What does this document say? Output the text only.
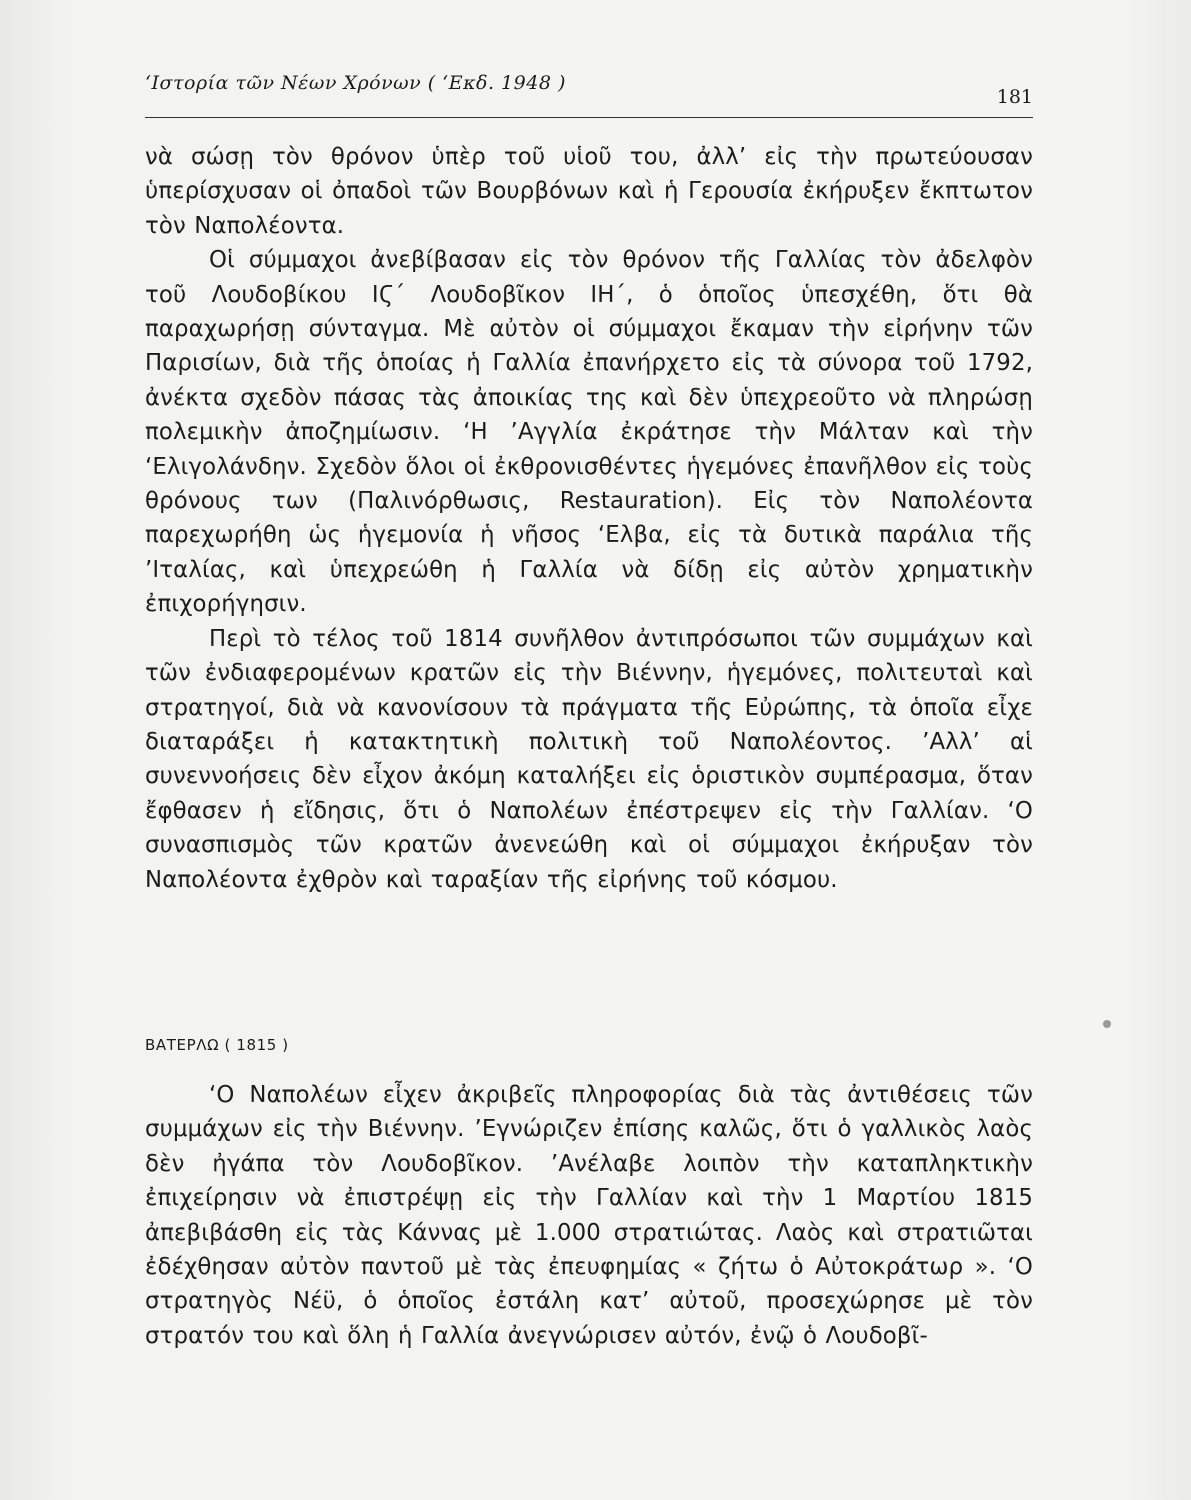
‘Ιστορία τῶν Νέων Χρόνων ( ‘Εκδ. 1948 )
181

νὰ σώσῃ τὸν θρόνον ὑπὲρ τοῦ υἱοῦ του, ἀλλ’ εἰς τὴν πρωτεύουσαν ὑπερίσχυσαν οἱ ὀπαδοὶ τῶν Βουρβόνων καὶ ἡ Γερουσία ἐκήρυξεν ἔκπτωτον τὸν Ναπολέοντα.

Οἱ σύμμαχοι ἀνεβίβασαν εἰς τὸν θρόνον τῆς Γαλλίας τὸν ἀδελφὸν τοῦ Λουδοβίκου ΙϚ΄ Λουδοβῖκον ΙΗ΄, ὁ ὁποῖος ὑπεσχέθη, ὅτι θὰ παραχωρήσῃ σύνταγμα. Μὲ αὐτὸν οἱ σύμμαχοι ἔκαμαν τὴν εἰρήνην τῶν Παρισίων, διὰ τῆς ὁποίας ἡ Γαλλία ἐπανήρχετο εἰς τὰ σύνορα τοῦ 1792, ἀνέκτα σχεδὸν πάσας τὰς ἀποικίας της καὶ δὲν ὑπεχρεοῦτο νὰ πληρώσῃ πολεμικὴν ἀποζημίωσιν. ‘Η ’Αγγλία ἐκράτησε τὴν Μάλταν καὶ τὴν ‘Ελιγολάνδην. Σχεδὸν ὅλοι οἱ ἐκθρονισθέντες ἡγεμόνες ἐπανῆλθον εἰς τοὺς θρόνους των (Παλινόρθωσις, Restauration). Εἰς τὸν Ναπολέοντα παρεχωρήθη ὡς ἡγεμονία ἡ νῆσος ‘Ελβα, εἰς τὰ δυτικὰ παράλια τῆς ’Ιταλίας, καὶ ὑπεχρεώθη ἡ Γαλλία νὰ δίδῃ εἰς αὐτὸν χρηματικὴν ἐπιχορήγησιν.

Περὶ τὸ τέλος τοῦ 1814 συνῆλθον ἀντιπρόσωποι τῶν συμμάχων καὶ τῶν ἐνδιαφερομένων κρατῶν εἰς τὴν Βιέννην, ἡγεμόνες, πολιτευταὶ καὶ στρατηγοί, διὰ νὰ κανονίσουν τὰ πράγματα τῆς Εὐρώπης, τὰ ὁποῖα εἶχε διαταράξει ἡ κατακτητικὴ πολιτικὴ τοῦ Ναπολέοντος. ’Αλλ’ αἱ συνεννοήσεις δὲν εἶχον ἀκόμη καταλήξει εἰς ὁριστικὸν συμπέρασμα, ὅταν ἔφθασεν ἡ εἴδησις, ὅτι ὁ Ναπολέων ἐπέστρεψεν εἰς τὴν Γαλλίαν. ‘Ο συνασπισμὸς τῶν κρατῶν ἀνενεώθη καὶ οἱ σύμμαχοι ἐκήρυξαν τὸν Ναπολέοντα ἐχθρὸν καὶ ταραξίαν τῆς εἰρήνης τοῦ κόσμου.

ΒΑΤΕΡΛΩ ( 1815 )

‘Ο Ναπολέων εἶχεν ἀκριβεῖς πληροφορίας διὰ τὰς ἀντιθέσεις τῶν συμμάχων εἰς τὴν Βιέννην. ’Εγνώριζεν ἐπίσης καλῶς, ὅτι ὁ γαλλικὸς λαὸς δὲν ἠγάπα τὸν Λουδοβῖκον. ’Ανέλαβε λοιπὸν τὴν καταπληκτικὴν ἐπιχείρησιν νὰ ἐπιστρέψῃ εἰς τὴν Γαλλίαν καὶ τὴν 1 Μαρτίου 1815 ἀπεβιβάσθη εἰς τὰς Κάννας μὲ 1.000 στρατιώτας. Λαὸς καὶ στρατιῶται ἐδέχθησαν αὐτὸν παντοῦ μὲ τὰς ἐπευφημίας « ζήτω ὁ Αὐτοκράτωρ ». ‘Ο στρατηγὸς Νέϋ, ὁ ὁποῖος ἐστάλη κατ’ αὐτοῦ, προσεχώρησε μὲ τὸν στρατόν του καὶ ὅλη ἡ Γαλλία ἀνεγνώρισεν αὐτόν, ἐνῷ ὁ Λουδοβῖ-
